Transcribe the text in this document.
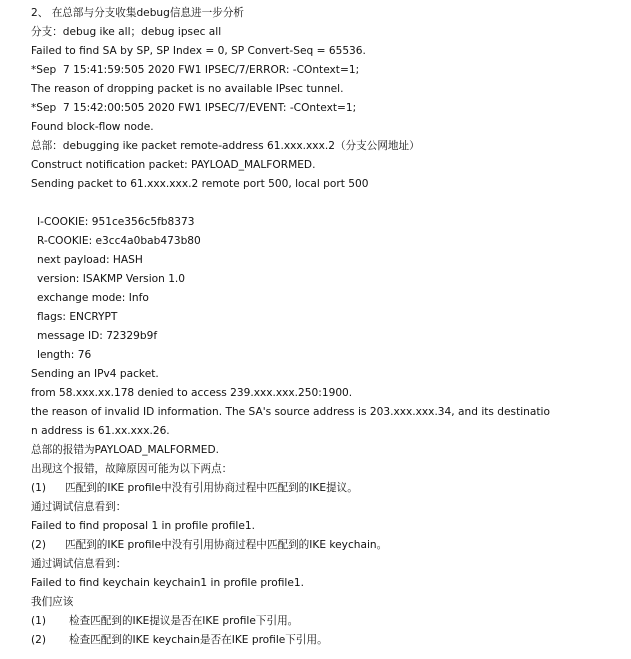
2、 在总部与分支收集debug信息进一步分析
分支：debug ike all；debug ipsec all
Failed to find SA by SP, SP Index = 0, SP Convert-Seq = 65536.
*Sep  7 15:41:59:505 2020 FW1 IPSEC/7/ERROR: -COntext=1;
The reason of dropping packet is no available IPsec tunnel.
*Sep  7 15:42:00:505 2020 FW1 IPSEC/7/EVENT: -COntext=1;
Found block-flow node.
总部：debugging ike packet remote-address 61.xxx.xxx.2（分支公网地址）
Construct notification packet: PAYLOAD_MALFORMED.
Sending packet to 61.xxx.xxx.2 remote port 500, local port 500
I-COOKIE: 951ce356c5fb8373
R-COOKIE: e3cc4a0bab473b80
next payload: HASH
version: ISAKMP Version 1.0
exchange mode: Info
flags: ENCRYPT
message ID: 72329b9f
length: 76
Sending an IPv4 packet.
from 58.xxx.xx.178 denied to access 239.xxx.xxx.250:1900.
the reason of invalid ID information. The SA's source address is 203.xxx.xxx.34, and its destinatio
n address is 61.xx.xxx.26.
总部的报错为PAYLOAD_MALFORMED.
出现这个报错，故障原因可能为以下两点：
(1) 匹配到的IKE profile中没有引用协商过程中匹配到的IKE提议。
通过调试信息看到：
Failed to find proposal 1 in profile profile1.
(2) 匹配到的IKE profile中没有引用协商过程中匹配到的IKE keychain。
通过调试信息看到：
Failed to find keychain keychain1 in profile profile1.
我们应该
(1) 检查匹配到的IKE提议是否在IKE profile下引用。
(2) 检查匹配到的IKE keychain是否在IKE profile下引用。
